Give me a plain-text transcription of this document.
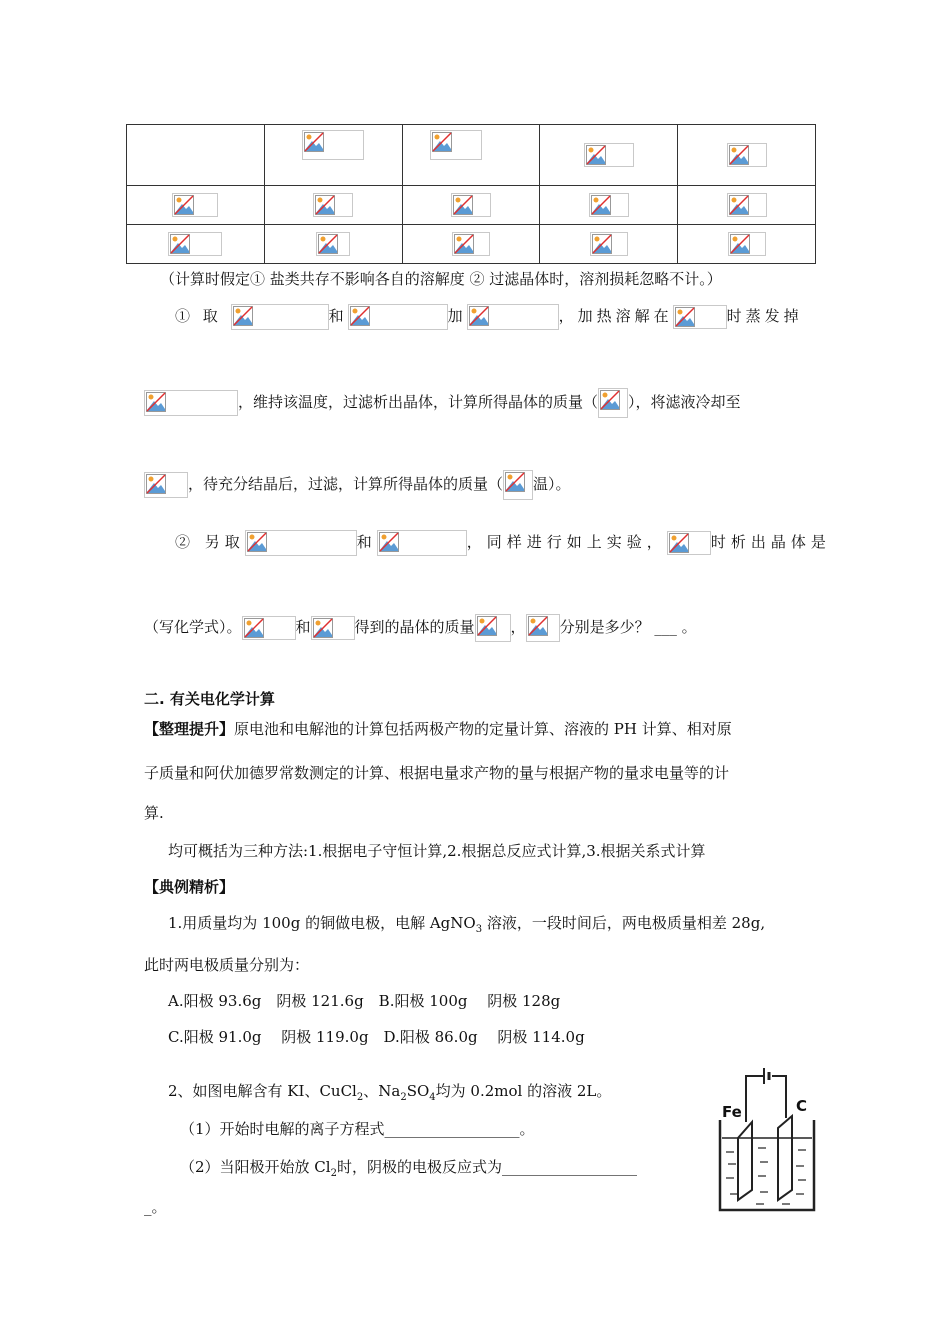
（计算时假定① 盐类共存不影响各自的溶解度 ② 过滤晶体时，溶剂损耗忽略不计。）
① 取	和	加	，加热溶解在	时蒸发掉
，维持该温度，过滤析出晶体，计算所得晶体的质量（ ），将滤液冷却至
，待充分结晶后，过滤，计算所得晶体的质量（ 温）。
② 另取	和	，同样进行如上实验，	时析出晶体是
（写化学式）。	和	得到的晶体的质量 ， 分别是多少？ ___ 。
二. 有关电化学计算
【整理提升】原电池和电解池的计算包括两极产物的定量计算、溶液的 PH 计算、相对原
子质量和阿伏加德罗常数测定的计算、根据电量求产物的量与根据产物的量求电量等的计
算.
均可概括为三种方法:1.根据电子守恒计算,2.根据总反应式计算,3.根据关系式计算
【典例精析】
1.用质量均为 100g 的铜做电极，电解 AgNO$_3$ 溶液，一段时间后，两电极质量相差 28g,
此时两电极质量分别为：
A.阳极 93.6g　阴极 121.6g　B.阳极 100g　 阴极 128g
C.阳极 91.0g　 阴极 119.0g　D.阳极 86.0g　 阴极 114.0g
2、如图电解含有 KI、CuCl$_2$、$Na_2SO_4$均为 0.2mol 的溶液 2L。
（1）开始时电解的离子方程式__________________。
（2）当阳极开始放 $Cl_2$时，阴极的电极反应式为__________________
_。
Fe	C
